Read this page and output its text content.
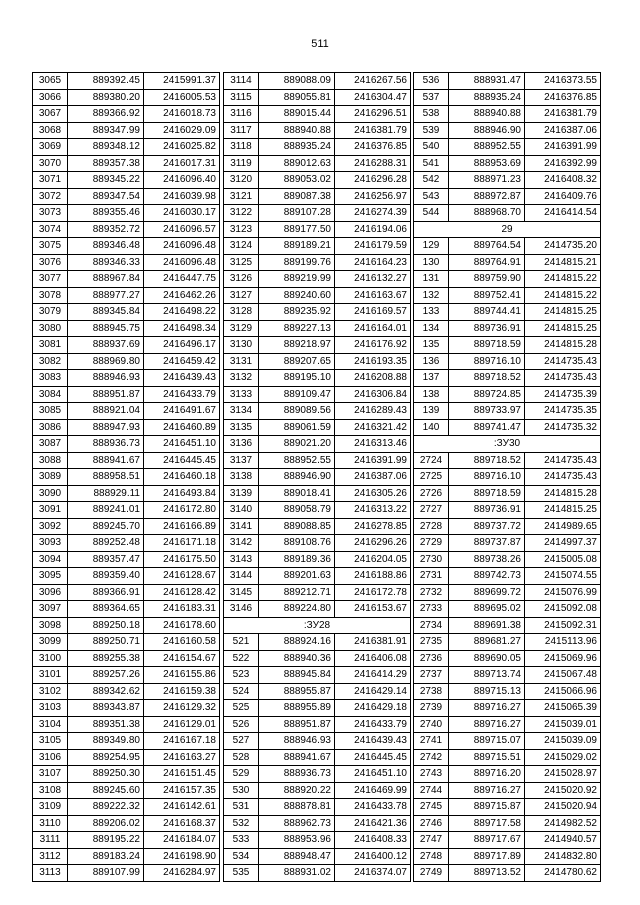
511
3065	889392.45	2415991.37
3066	889380.20	2416005.53
3067	889366.92	2416018.73
3068	889347.99	2416029.09
3069	889348.12	2416025.82
3070	889357.38	2416017.31
3071	889345.22	2416096.40
3072	889347.54	2416039.98
3073	889355.46	2416030.17
3074	889352.72	2416096.57
3075	889346.48	2416096.48
3076	889346.33	2416096.48
3077	888967.84	2416447.75
3078	888977.27	2416462.26
3079	889345.84	2416498.22
3080	888945.75	2416498.34
3081	888937.69	2416496.17
3082	888969.80	2416459.42
3083	888946.93	2416439.43
3084	888951.87	2416433.79
3085	888921.04	2416491.67
3086	888947.93	2416460.89
3087	888936.73	2416451.10
3088	888941.67	2416445.45
3089	888958.51	2416460.18
3090	888929.11	2416493.84
3091	889241.01	2416172.80
3092	889245.70	2416166.89
3093	889252.48	2416171.18
3094	889357.47	2416175.50
3095	889359.40	2416128.67
3096	889366.91	2416128.42
3097	889364.65	2416183.31
3098	889250.18	2416178.60
3099	889250.71	2416160.58
3100	889255.38	2416154.67
3101	889257.26	2416155.86
3102	889342.62	2416159.38
3103	889343.87	2416129.32
3104	889351.38	2416129.01
3105	889349.80	2416167.18
3106	889254.95	2416163.27
3107	889250.30	2416151.45
3108	889245.60	2416157.35
3109	889222.32	2416142.61
3110	889206.02	2416168.37
3111	889195.22	2416184.07
3112	889183.24	2416198.90
3113	889107.99	2416284.97
3114	889088.09	2416267.56
3115	889055.81	2416304.47
3116	889015.44	2416296.51
3117	888940.88	2416381.79
3118	888935.24	2416376.85
3119	889012.63	2416288.31
3120	889053.02	2416296.28
3121	889087.38	2416256.97
3122	889107.28	2416274.39
3123	889177.50	2416194.06
3124	889189.21	2416179.59
3125	889199.76	2416164.23
3126	889219.99	2416132.27
3127	889240.60	2416163.67
3128	889235.92	2416169.57
3129	889227.13	2416164.01
3130	889218.97	2416176.92
3131	889207.65	2416193.35
3132	889195.10	2416208.88
3133	889109.47	2416306.84
3134	889089.56	2416289.43
3135	889061.59	2416321.42
3136	889021.20	2416313.46
3137	888952.55	2416391.99
3138	888946.90	2416387.06
3139	889018.41	2416305.26
3140	889058.79	2416313.22
3141	889088.85	2416278.85
3142	889108.76	2416296.26
3143	889189.36	2416204.05
3144	889201.63	2416188.86
3145	889212.71	2416172.78
3146	889224.80	2416153.67
:ЗУ28		
521	888924.16	2416381.91
522	888940.36	2416406.08
523	888945.84	2416414.29
524	888955.87	2416429.14
525	888955.89	2416429.18
526	888951.87	2416433.79
527	888946.93	2416439.43
528	888941.67	2416445.45
529	888936.73	2416451.10
530	888920.22	2416469.99
531	888878.81	2416433.78
532	888962.73	2416421.36
533	888953.96	2416408.33
534	888948.47	2416400.12
535	888931.02	2416374.07
536	888931.47	2416373.55
537	888935.24	2416376.85
538	888940.88	2416381.79
539	888946.90	2416387.06
540	888952.55	2416391.99
541	888953.69	2416392.99
542	888971.23	2416408.32
543	888972.87	2416409.76
544	888968.70	2416414.54
29		
129	889764.54	2414735.20
130	889764.91	2414815.21
131	889759.90	2414815.22
132	889752.41	2414815.22
133	889744.41	2414815.25
134	889736.91	2414815.25
135	889718.59	2414815.28
136	889716.10	2414735.43
137	889718.52	2414735.43
138	889724.85	2414735.39
139	889733.97	2414735.35
140	889741.47	2414735.32
:ЗУ30		
2724	889718.52	2414735.43
2725	889716.10	2414735.43
2726	889718.59	2414815.28
2727	889736.91	2414815.25
2728	889737.72	2414989.65
2729	889737.87	2414997.37
2730	889738.26	2415005.08
2731	889742.73	2415074.55
2732	889699.72	2415076.99
2733	889695.02	2415092.08
2734	889691.38	2415092.31
2735	889681.27	2415113.96
2736	889690.05	2415069.96
2737	889713.74	2415067.48
2738	889715.13	2415066.96
2739	889716.27	2415065.39
2740	889716.27	2415039.01
2741	889715.07	2415039.09
2742	889715.51	2415029.02
2743	889716.20	2415028.97
2744	889716.27	2415020.92
2745	889715.87	2415020.94
2746	889717.58	2414982.52
2747	889717.67	2414940.57
2748	889717.89	2414832.80
2749	889713.52	2414780.62
